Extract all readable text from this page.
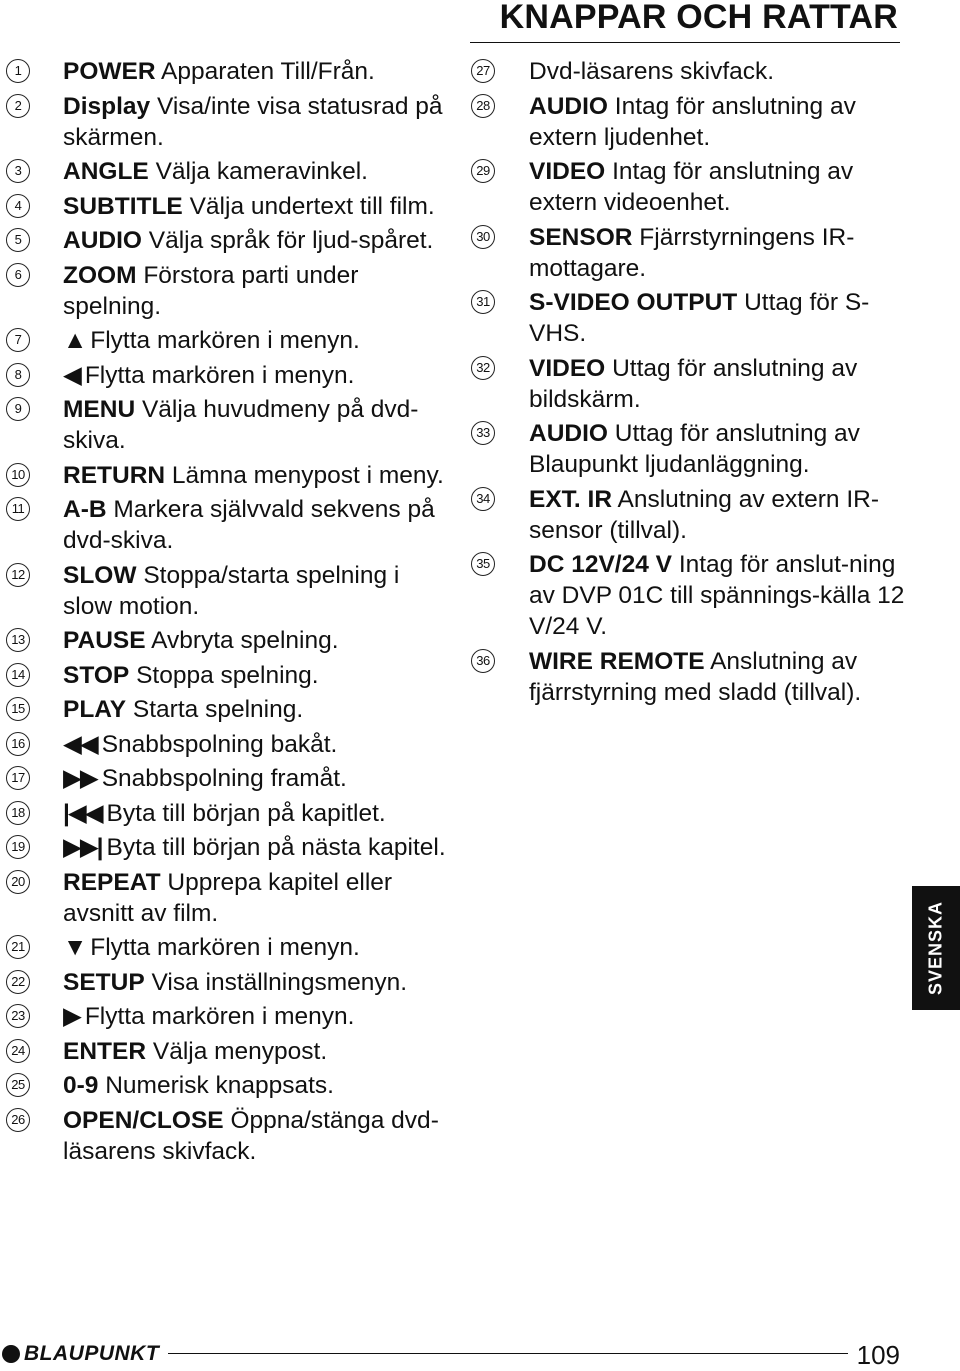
KNAPPAR OCH RATTAR
1	POWER Apparaten Till/Från.
2	Display Visa/inte visa statusrad på skärmen.
3	ANGLE Välja kameravinkel.
4	SUBTITLE Välja undertext till film.
5	AUDIO Välja språk för ljud-spåret.
6	ZOOM Förstora parti under spelning.
7	▲ Flytta markören i menyn.
8	◀ Flytta markören i menyn.
9	MENU Välja huvudmeny på dvd-skiva.
10 RETURN Lämna menypost i meny.
11 A-B Markera självvald sekvens på dvd-skiva.
12 SLOW Stoppa/starta spelning i slow motion.
13 PAUSE Avbryta spelning.
14 STOP Stoppa spelning.
15 PLAY Starta spelning.
16 ◀◀ Snabbspolning bakåt.
17 ▶▶ Snabbspolning framåt.
18 |◀◀ Byta till början på kapitlet.
19 ▶▶| Byta till början på nästa kapitel.
20 REPEAT Upprepa kapitel eller avsnitt av film.
21 ▼ Flytta markören i menyn.
22 SETUP Visa inställningsmenyn.
23 ▶ Flytta markören i menyn.
24 ENTER Välja menypost.
25 0-9 Numerisk knappsats.
26 OPEN/CLOSE Öppna/stänga dvd-läsarens skivfack.
27 Dvd-läsarens skivfack.
28 AUDIO Intag för anslutning av extern ljudenhet.
29 VIDEO Intag för anslutning av extern videoenhet.
30 SENSOR Fjärrstyrningens IR-mottagare.
31 S-VIDEO OUTPUT Uttag för S-VHS.
32 VIDEO Uttag för anslutning av bildskärm.
33 AUDIO Uttag för anslutning av Blaupunkt ljudanläggning.
34 EXT. IR Anslutning av extern IR-sensor (tillval).
35 DC 12V/24 V Intag för anslut-ning av DVP 01C till spännings-källa 12 V/24 V.
36 WIRE REMOTE Anslutning av fjärrstyrning med sladd (tillval).
SVENSKA
BLAUPUNKT	109
